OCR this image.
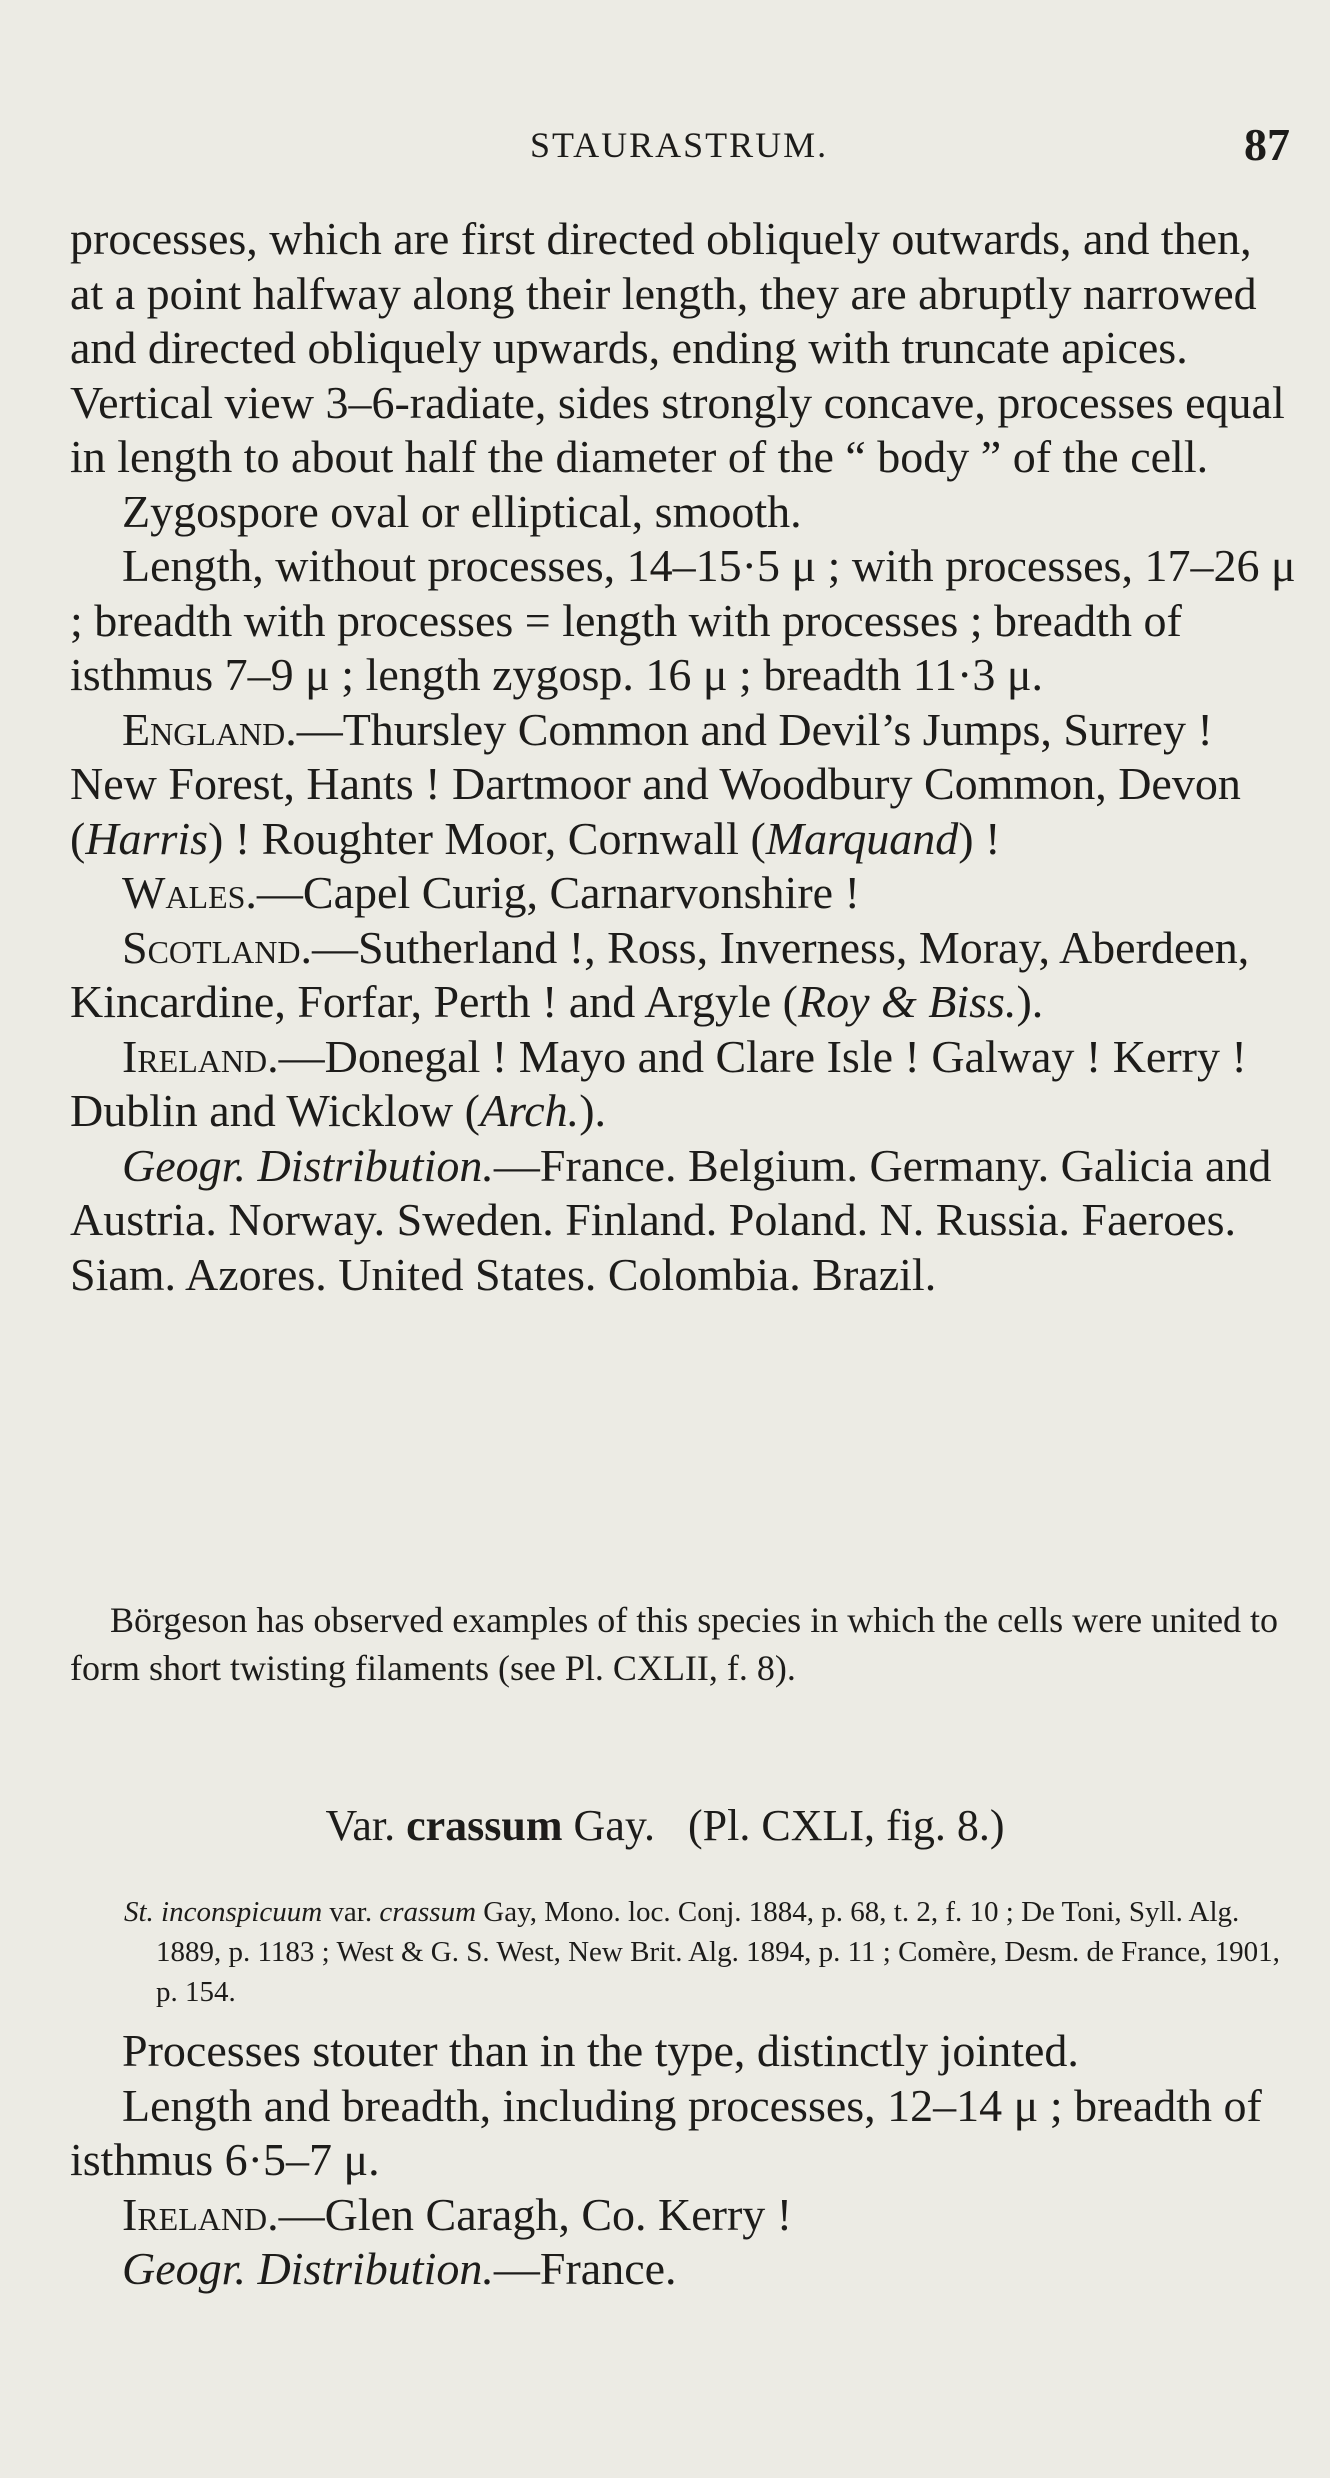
STAURASTRUM.	87

processes, which are first directed obliquely outwards, and then, at a point halfway along their length, they are abruptly narrowed and directed obliquely upwards, ending with truncate apices. Vertical view 3–6-radiate, sides strongly concave, processes equal in length to about half the diameter of the “ body ” of the cell.

Zygospore oval or elliptical, smooth.

Length, without processes, 14–15·5 μ ; with processes, 17–26 μ ; breadth with processes = length with processes ; breadth of isthmus 7–9 μ ; length zygosp. 16 μ ; breadth 11·3 μ.

England.—Thursley Common and Devil’s Jumps, Surrey ! New Forest, Hants ! Dartmoor and Woodbury Common, Devon (Harris) ! Roughter Moor, Cornwall (Marquand) !

Wales.—Capel Curig, Carnarvonshire !

Scotland.—Sutherland !, Ross, Inverness, Moray, Aberdeen, Kincardine, Forfar, Perth ! and Argyle (Roy & Biss.).

Ireland.—Donegal ! Mayo and Clare Isle ! Galway ! Kerry ! Dublin and Wicklow (Arch.).

Geogr. Distribution.—France. Belgium. Germany. Galicia and Austria. Norway. Sweden. Finland. Poland. N. Russia. Faeroes. Siam. Azores. United States. Colombia. Brazil.

Börgeson has observed examples of this species in which the cells were united to form short twisting filaments (see Pl. CXLII, f. 8).

Var. crassum Gay. (Pl. CXLI, fig. 8.)

St. inconspicuum var. crassum Gay, Mono. loc. Conj. 1884, p. 68, t. 2, f. 10 ; De Toni, Syll. Alg. 1889, p. 1183 ; West & G. S. West, New Brit. Alg. 1894, p. 11 ; Comère, Desm. de France, 1901, p. 154.

Processes stouter than in the type, distinctly jointed.

Length and breadth, including processes, 12–14 μ ; breadth of isthmus 6·5–7 μ.

Ireland.—Glen Caragh, Co. Kerry !

Geogr. Distribution.—France.
